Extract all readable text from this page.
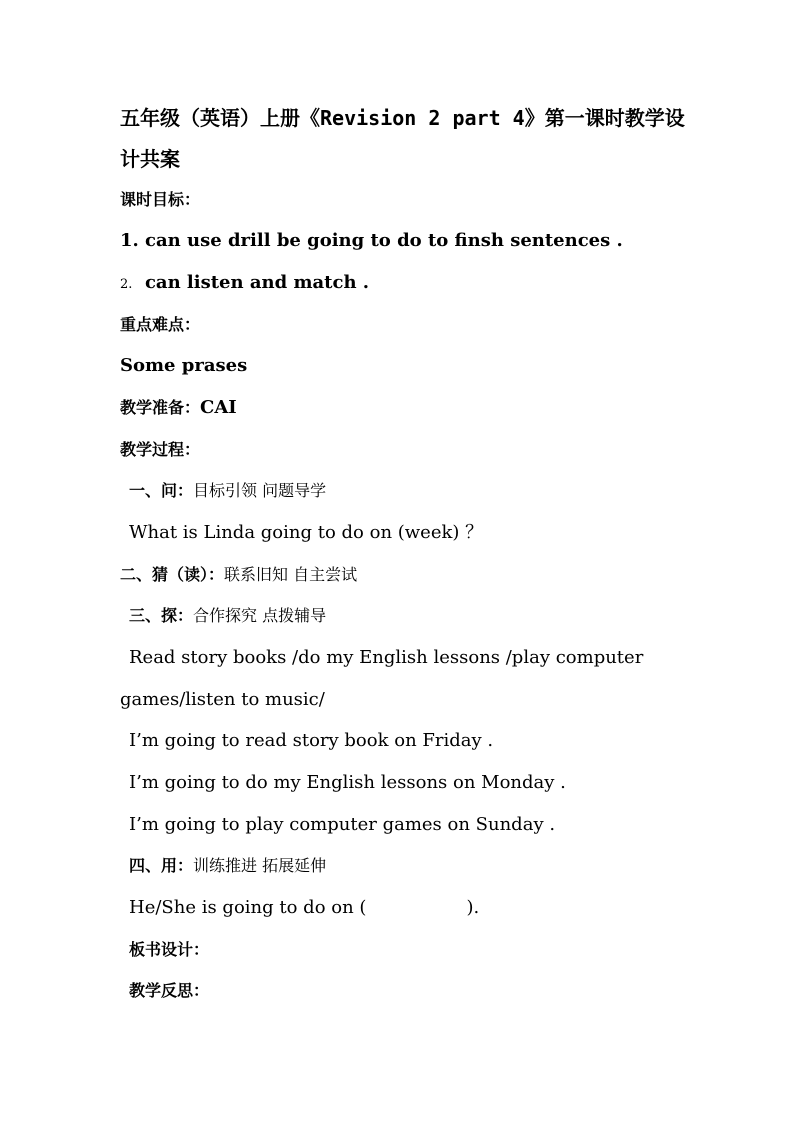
五年级（英语）上册《Revision 2 part 4》第一课时教学设
计共案
课时目标：
1. can use drill be going to do to finsh sentences .
2. can listen and match .
重点难点：
Some prases
教学准备：CAI
教学过程：
一、问：目标引领 问题导学
What is Linda going to do on (week) ？
二、猜（读）：联系旧知 自主尝试
三、探：合作探究 点拨辅导
Read story books /do my English lessons /play computer
games/listen to music/
I’m going to read story book on Friday .
I’m going to do my English lessons on Monday .
I’m going to play computer games on Sunday .
四、用：训练推进 拓展延伸
He/She is going to do on (	).
板书设计：
教学反思：
